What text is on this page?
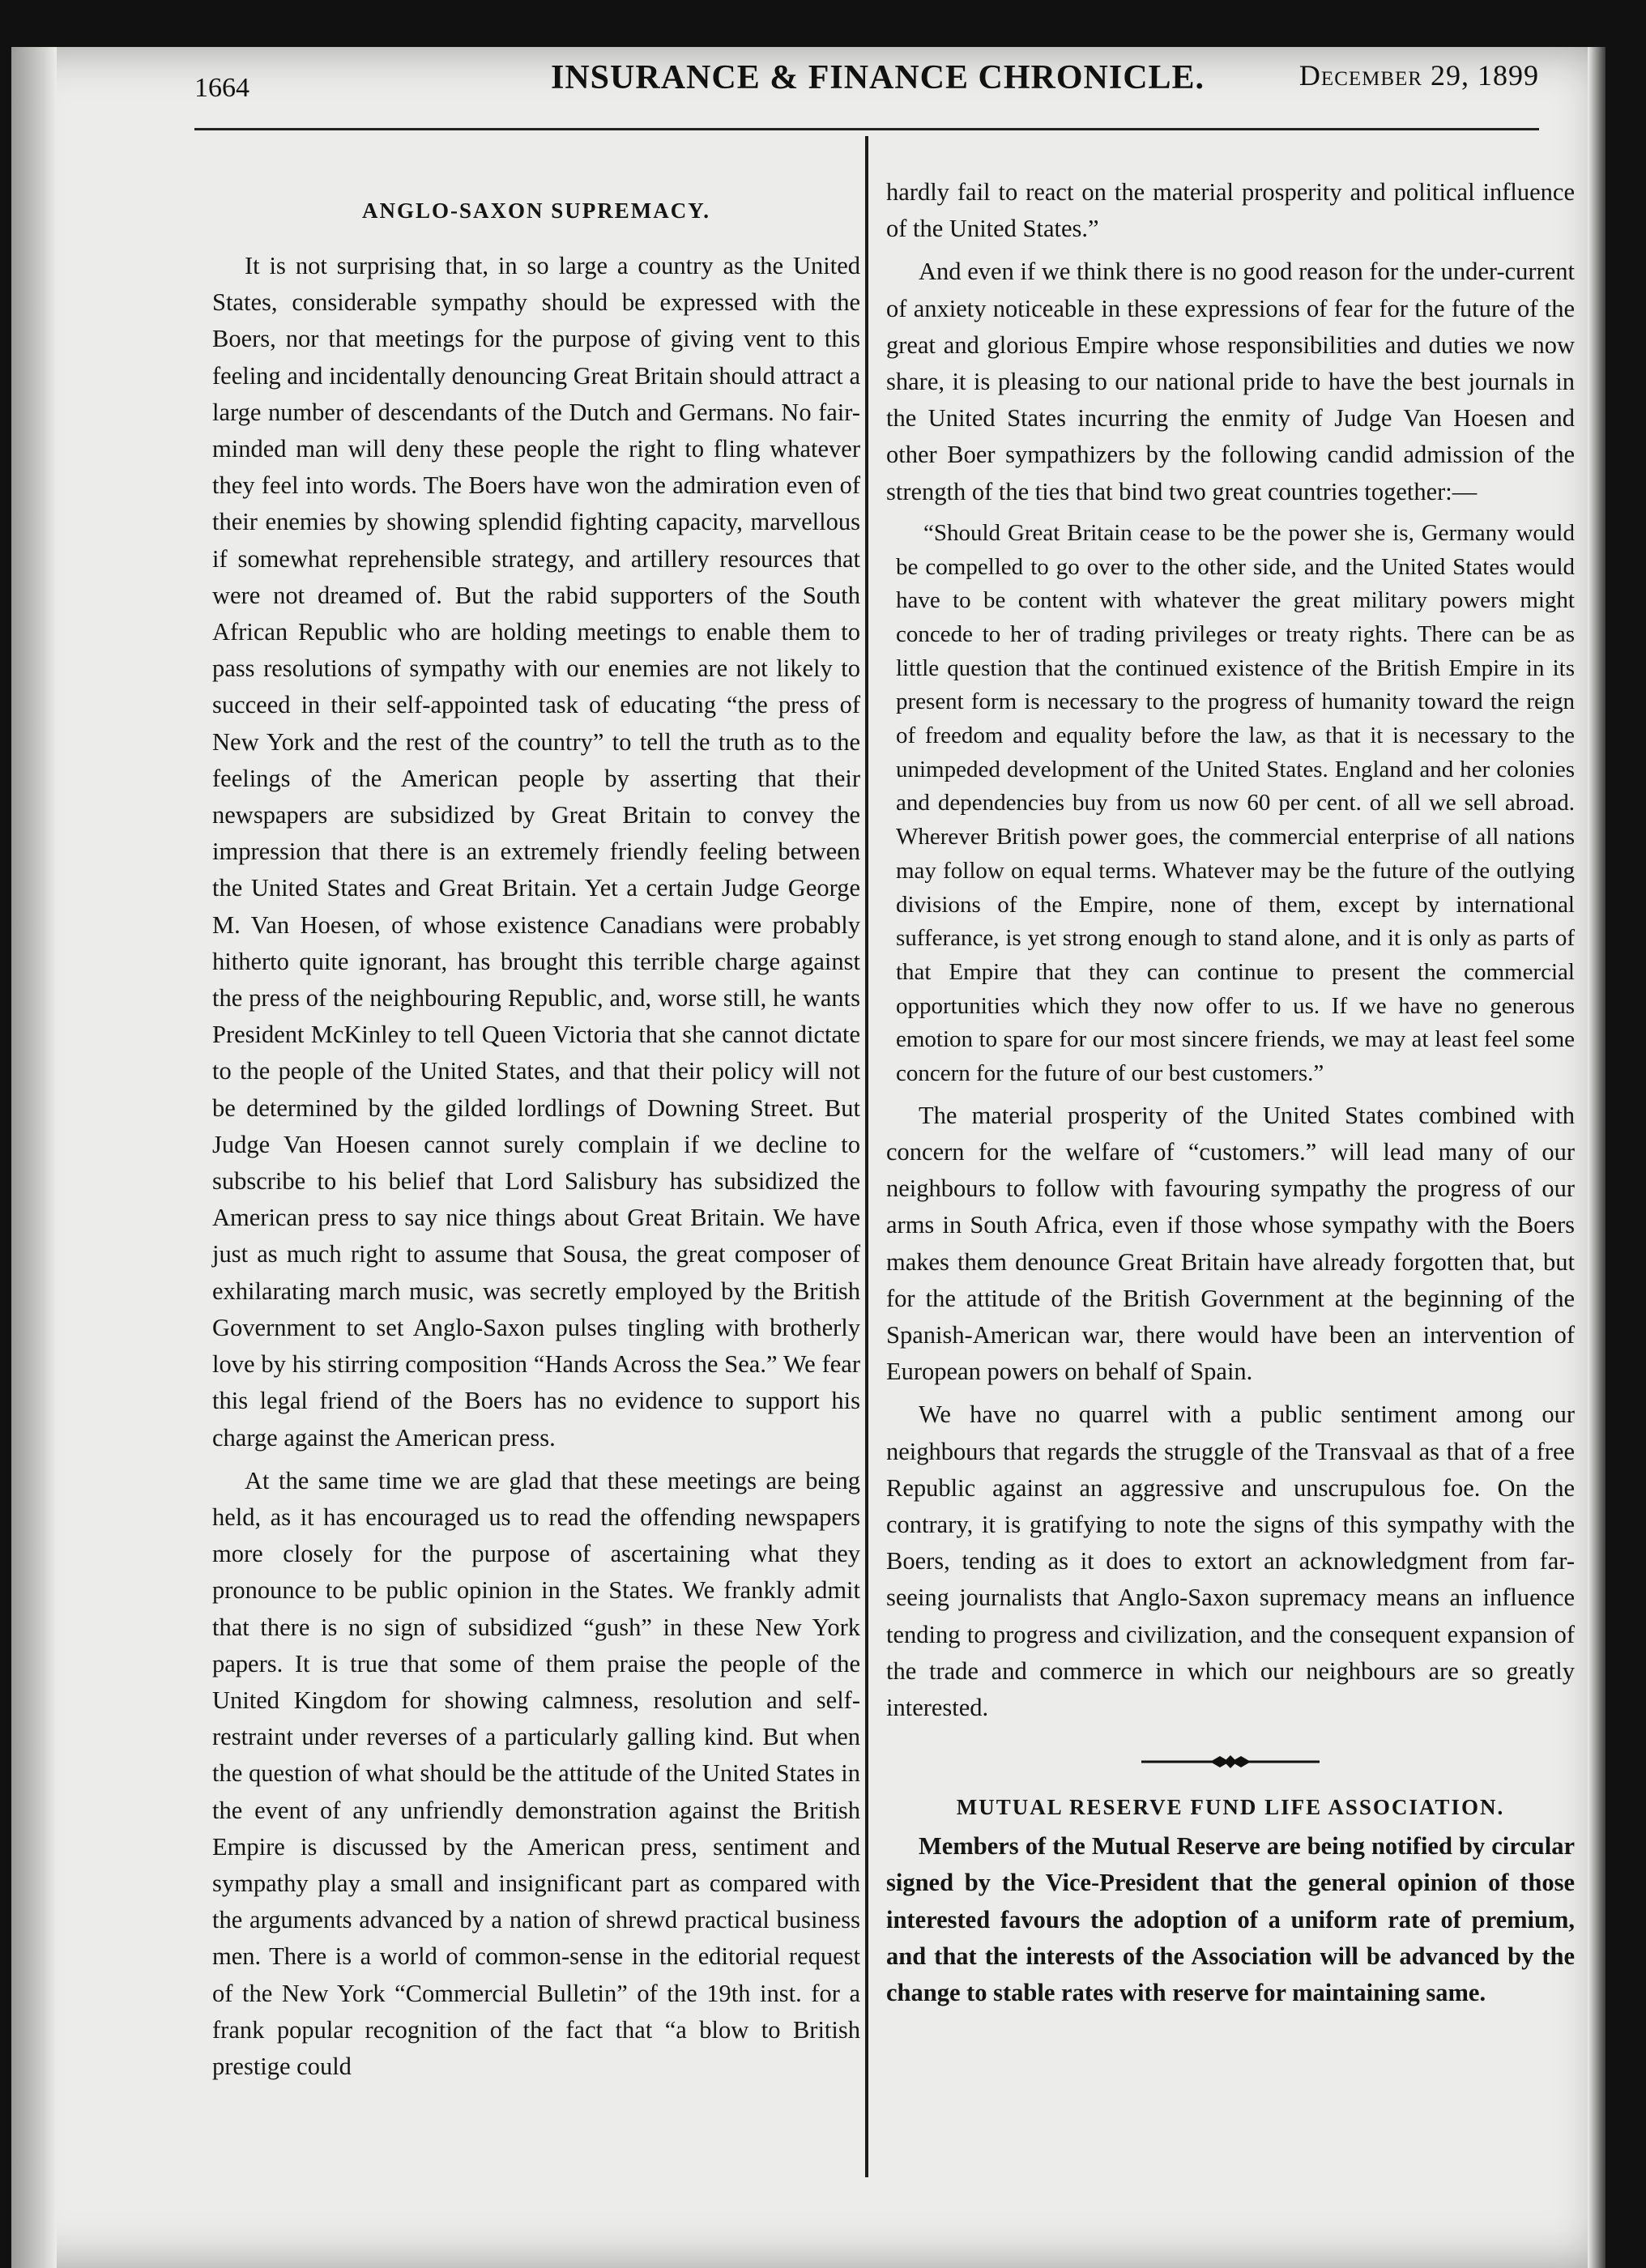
1664	INSURANCE & FINANCE CHRONICLE.	December 29, 1899
ANGLO-SAXON SUPREMACY.

It is not surprising that, in so large a country as the United States, considerable sympathy should be expressed with the Boers, nor that meetings for the purpose of giving vent to this feeling and incidentally denouncing Great Britain should attract a large number of descendants of the Dutch and Germans. No fair-minded man will deny these people the right to fling whatever they feel into words. The Boers have won the admiration even of their enemies by showing splendid fighting capacity, marvellous if somewhat reprehensible strategy, and artillery resources that were not dreamed of. But the rabid supporters of the South African Republic who are holding meetings to enable them to pass resolutions of sympathy with our enemies are not likely to succeed in their self-appointed task of educating “the press of New York and the rest of the country” to tell the truth as to the feelings of the American people by asserting that their newspapers are subsidized by Great Britain to convey the impression that there is an extremely friendly feeling between the United States and Great Britain. Yet a certain Judge George M. Van Hoesen, of whose existence Canadians were probably hitherto quite ignorant, has brought this terrible charge against the press of the neighbouring Republic, and, worse still, he wants President McKinley to tell Queen Victoria that she cannot dictate to the people of the United States, and that their policy will not be determined by the gilded lordlings of Downing Street. But Judge Van Hoesen cannot surely complain if we decline to subscribe to his belief that Lord Salisbury has subsidized the American press to say nice things about Great Britain. We have just as much right to assume that Sousa, the great composer of exhilarating march music, was secretly employed by the British Government to set Anglo-Saxon pulses tingling with brotherly love by his stirring composition “Hands Across the Sea.” We fear this legal friend of the Boers has no evidence to support his charge against the American press.

At the same time we are glad that these meetings are being held, as it has encouraged us to read the offending newspapers more closely for the purpose of ascertaining what they pronounce to be public opinion in the States. We frankly admit that there is no sign of subsidized “gush” in these New York papers. It is true that some of them praise the people of the United Kingdom for showing calmness, resolution and self-restraint under reverses of a particularly galling kind. But when the question of what should be the attitude of the United States in the event of any unfriendly demonstration against the British Empire is discussed by the American press, sentiment and sympathy play a small and insignificant part as compared with the arguments advanced by a nation of shrewd practical business men. There is a world of common-sense in the editorial request of the New York “Commercial Bulletin” of the 19th inst. for a frank popular recognition of the fact that “a blow to British prestige could

hardly fail to react on the material prosperity and political influence of the United States.”

And even if we think there is no good reason for the under-current of anxiety noticeable in these expressions of fear for the future of the great and glorious Empire whose responsibilities and duties we now share, it is pleasing to our national pride to have the best journals in the United States incurring the enmity of Judge Van Hoesen and other Boer sympathizers by the following candid admission of the strength of the ties that bind two great countries together:—

“Should Great Britain cease to be the power she is, Germany would be compelled to go over to the other side, and the United States would have to be content with whatever the great military powers might concede to her of trading privileges or treaty rights. There can be as little question that the continued existence of the British Empire in its present form is necessary to the progress of humanity toward the reign of freedom and equality before the law, as that it is necessary to the unimpeded development of the United States. England and her colonies and dependencies buy from us now 60 per cent. of all we sell abroad. Wherever British power goes, the commercial enterprise of all nations may follow on equal terms. Whatever may be the future of the outlying divisions of the Empire, none of them, except by international sufferance, is yet strong enough to stand alone, and it is only as parts of that Empire that they can continue to present the commercial opportunities which they now offer to us. If we have no generous emotion to spare for our most sincere friends, we may at least feel some concern for the future of our best customers.”

The material prosperity of the United States combined with concern for the welfare of “customers.” will lead many of our neighbours to follow with favouring sympathy the progress of our arms in South Africa, even if those whose sympathy with the Boers makes them denounce Great Britain have already forgotten that, but for the attitude of the British Government at the beginning of the Spanish-American war, there would have been an intervention of European powers on behalf of Spain.

We have no quarrel with a public sentiment among our neighbours that regards the struggle of the Transvaal as that of a free Republic against an aggressive and unscrupulous foe. On the contrary, it is gratifying to note the signs of this sympathy with the Boers, tending as it does to extort an acknowledgment from far-seeing journalists that Anglo-Saxon supremacy means an influence tending to progress and civilization, and the consequent expansion of the trade and commerce in which our neighbours are so greatly interested.

MUTUAL RESERVE FUND LIFE ASSOCIATION.

Members of the Mutual Reserve are being notified by circular signed by the Vice-President that the general opinion of those interested favours the adoption of a uniform rate of premium, and that the interests of the Association will be advanced by the change to stable rates with reserve for maintaining same.
